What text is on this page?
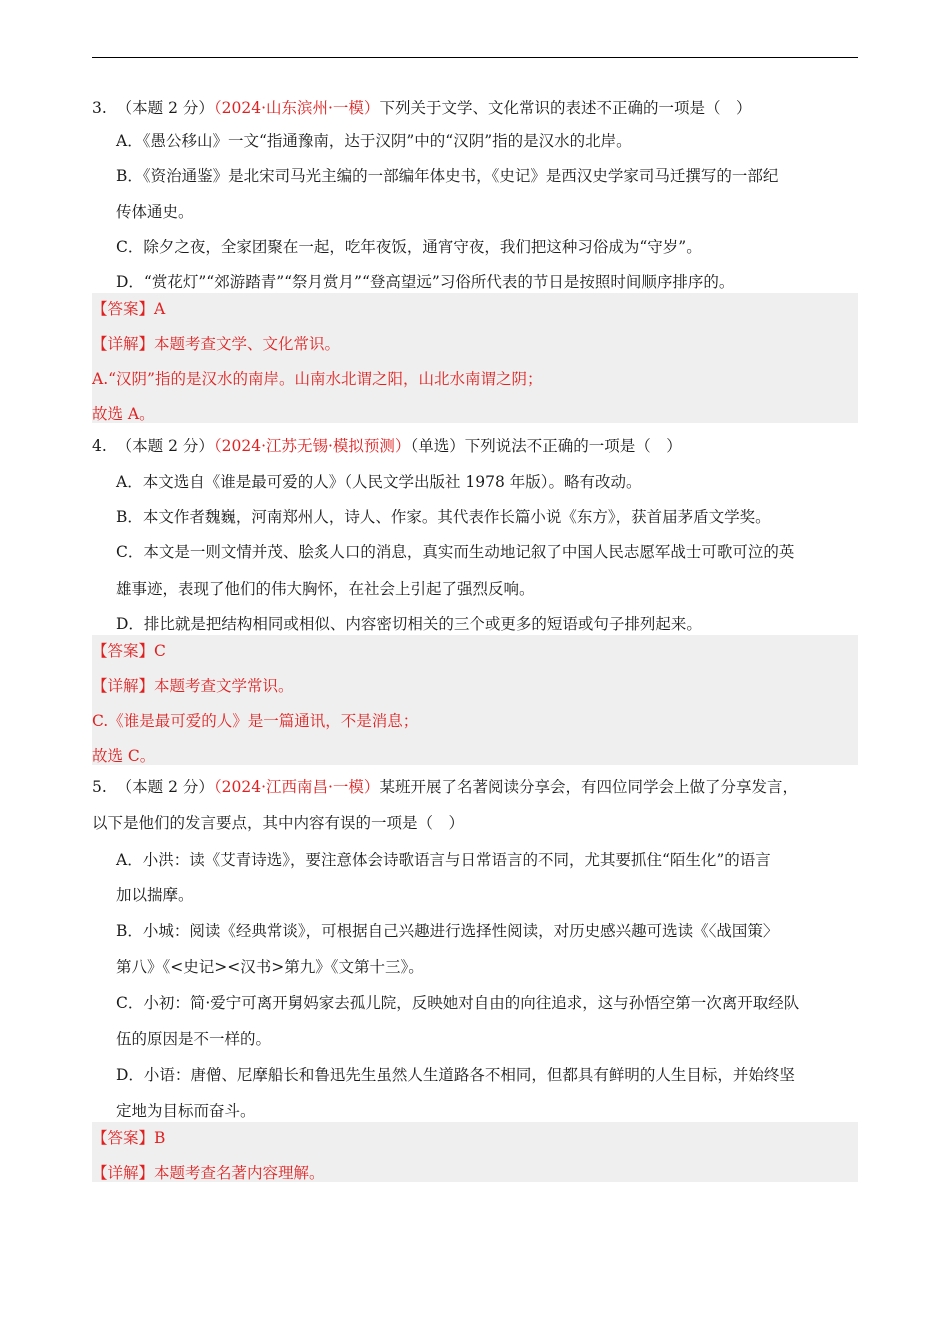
3. （本题 2 分）（2024·山东滨州·一模）下列关于文学、文化常识的表述不正确的一项是（　）
A．《愚公移山》一文“指通豫南，达于汉阴”中的“汉阴”指的是汉水的北岸。
B．《资治通鉴》是北宋司马光主编的一部编年体史书，《史记》是西汉史学家司马迁撰写的一部纪
传体通史。
C．除夕之夜，全家团聚在一起，吃年夜饭，通宵守夜，我们把这种习俗成为“守岁”。
D．“赏花灯”“郊游踏青”“祭月赏月”“登高望远”习俗所代表的节日是按照时间顺序排序的。
【答案】A
【详解】本题考查文学、文化常识。
A.“汉阴”指的是汉水的南岸。山南水北谓之阳，山北水南谓之阴；
故选 A。
4. （本题 2 分）（2024·江苏无锡·模拟预测）（单选）下列说法不正确的一项是（　）
A．本文选自《谁是最可爱的人》（人民文学出版社 1978 年版）。略有改动。
B．本文作者魏巍，河南郑州人，诗人、作家。其代表作长篇小说《东方》，获首届茅盾文学奖。
C．本文是一则文情并茂、脍炙人口的消息，真实而生动地记叙了中国人民志愿军战士可歌可泣的英
雄事迹，表现了他们的伟大胸怀，在社会上引起了强烈反响。
D．排比就是把结构相同或相似、内容密切相关的三个或更多的短语或句子排列起来。
【答案】C
【详解】本题考查文学常识。
C.《谁是最可爱的人》是一篇通讯，不是消息；
故选 C。
5. （本题 2 分）（2024·江西南昌·一模）某班开展了名著阅读分享会，有四位同学会上做了分享发言，
以下是他们的发言要点，其中内容有误的一项是（　）
A．小洪：读《艾青诗选》，要注意体会诗歌语言与日常语言的不同，尤其要抓住“陌生化”的语言
加以揣摩。
B．小城：阅读《经典常谈》，可根据自己兴趣进行选择性阅读，对历史感兴趣可选读《〈战国策〉
第八》《<史记><汉书>第九》《文第十三》。
C．小初：简·爱宁可离开舅妈家去孤儿院，反映她对自由的向往追求，这与孙悟空第一次离开取经队
伍的原因是不一样的。
D．小语：唐僧、尼摩船长和鲁迅先生虽然人生道路各不相同，但都具有鲜明的人生目标，并始终坚
定地为目标而奋斗。
【答案】B
【详解】本题考查名著内容理解。
